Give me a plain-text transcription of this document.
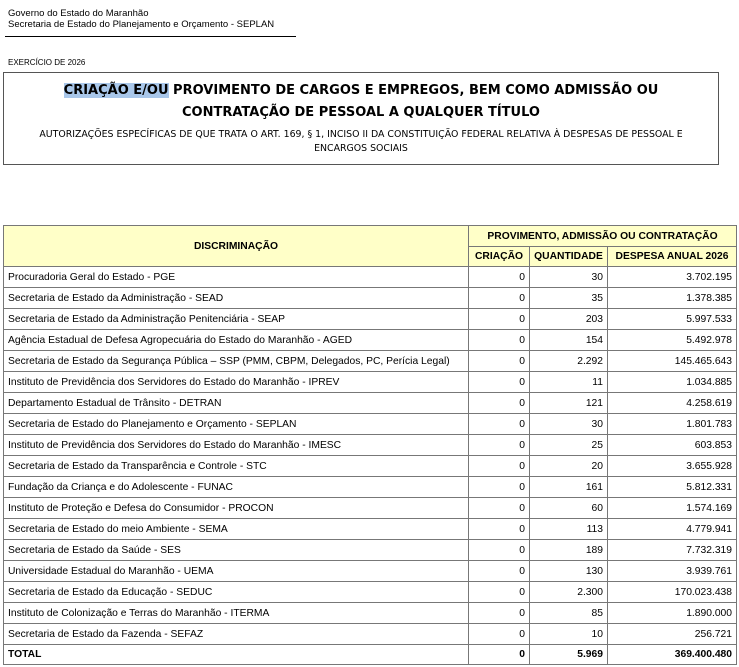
Governo do Estado do Maranhão
Secretaria de Estado do Planejamento e Orçamento - SEPLAN
EXERCÍCIO DE 2026
CRIAÇÃO E/OU PROVIMENTO DE CARGOS E EMPREGOS, BEM COMO ADMISSÃO OU CONTRATAÇÃO DE PESSOAL A QUALQUER TÍTULO
AUTORIZAÇÕES ESPECÍFICAS DE QUE TRATA O ART. 169, § 1, INCISO II DA CONSTITUIÇÃO FEDERAL RELATIVA À DESPESAS DE PESSOAL E ENCARGOS SOCIAIS
DISCRIMINAÇÃO	PROVIMENTO, ADMISSÃO OU CONTRATAÇÃO		
	CRIAÇÃO	QUANTIDADE	DESPESA ANUAL 2026
Procuradoria Geral do Estado - PGE	0	30	3.702.195
Secretaria de Estado da Administração - SEAD	0	35	1.378.385
Secretaria de Estado da Administração Penitenciária - SEAP	0	203	5.997.533
Agência Estadual de Defesa Agropecuária do Estado do Maranhão - AGED	0	154	5.492.978
Secretaria de Estado da Segurança Pública – SSP (PMM, CBPM, Delegados, PC, Perícia Legal)	0	2.292	145.465.643
Instituto de Previdência dos Servidores do Estado do Maranhão - IPREV	0	11	1.034.885
Departamento Estadual de Trânsito - DETRAN	0	121	4.258.619
Secretaria de Estado do Planejamento e Orçamento - SEPLAN	0	30	1.801.783
Instituto de Previdência dos Servidores do Estado do Maranhão - IMESC	0	25	603.853
Secretaria de Estado da Transparência e Controle - STC	0	20	3.655.928
Fundação da Criança e do Adolescente - FUNAC	0	161	5.812.331
Instituto de Proteção e Defesa do Consumidor - PROCON	0	60	1.574.169
Secretaria de Estado do meio Ambiente - SEMA	0	113	4.779.941
Secretaria de Estado da Saúde - SES	0	189	7.732.319
Universidade Estadual do Maranhão - UEMA	0	130	3.939.761
Secretaria de Estado da Educação - SEDUC	0	2.300	170.023.438
Instituto de Colonização e Terras do Maranhão - ITERMA	0	85	1.890.000
Secretaria de Estado da Fazenda - SEFAZ	0	10	256.721
TOTAL	0	5.969	369.400.480
